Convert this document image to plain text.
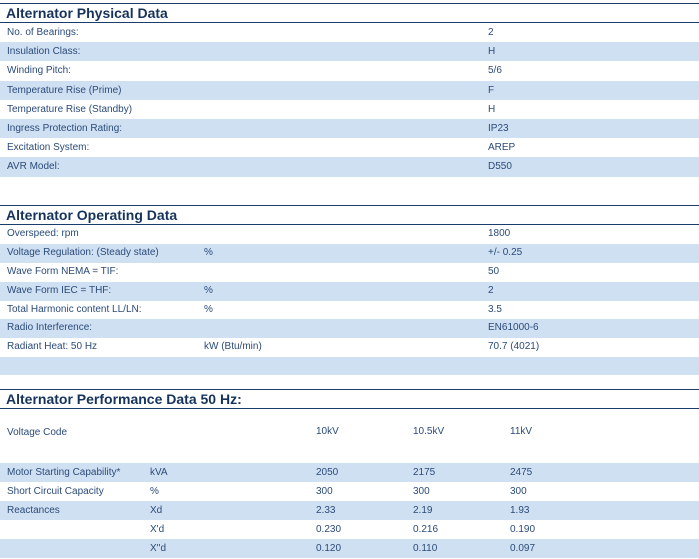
Alternator Physical Data
No. of Bearings:	2
Insulation Class:	H
Winding Pitch:	5/6
Temperature Rise (Prime)	F
Temperature Rise (Standby)	H
Ingress Protection Rating:	IP23
Excitation System:	AREP
AVR Model:	D550
Alternator Operating Data
Overspeed: rpm	1800
Voltage Regulation: (Steady state)	%	+/- 0.25
Wave Form NEMA = TIF:	50
Wave Form IEC = THF:	%	2
Total Harmonic content LL/LN:	%	3.5
Radio Interference:	EN61000-6
Radiant Heat: 50 Hz	kW (Btu/min)	70.7 (4021)
Alternator Performance Data 50 Hz:
Voltage Code	10kV	10.5kV	11kV
Motor Starting Capability*	kVA	2050	2175	2475
Short Circuit Capacity	%	300	300	300
Reactances	Xd	2.33	2.19	1.93
X'd	0.230	0.216	0.190
X''d	0.120	0.110	0.097
